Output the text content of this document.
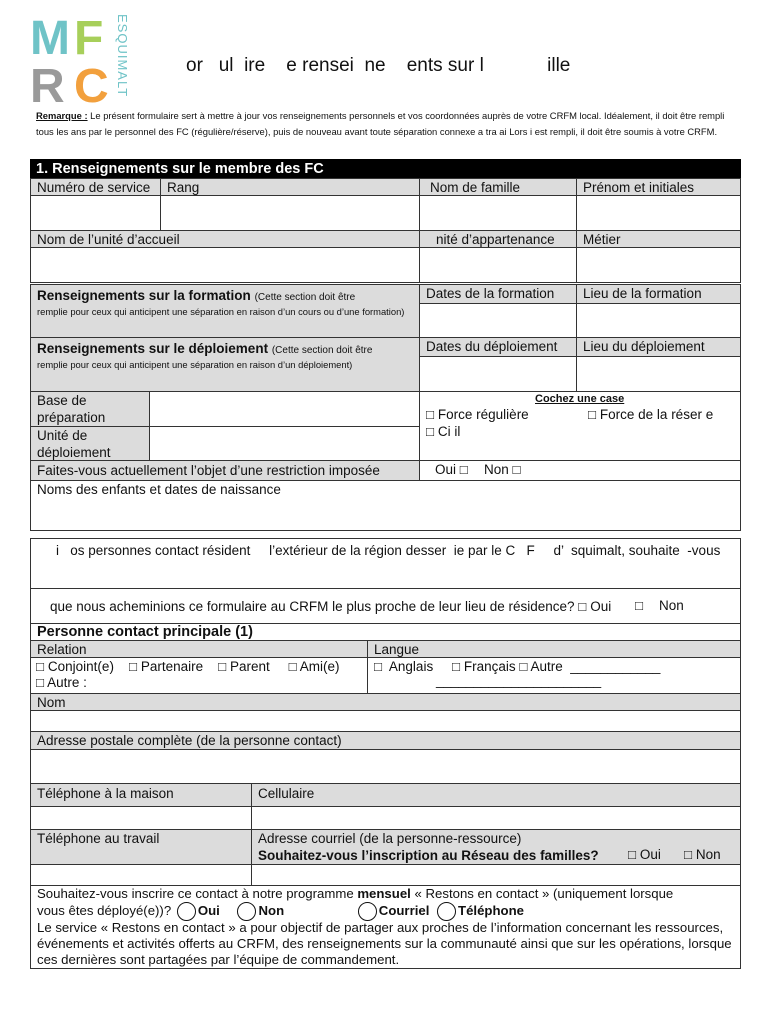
M F
R C ESQUIMALT	or   ul  ire    e rensei  ne    ents sur l            ille
Remarque : Le présent formulaire sert à mettre à jour vos renseignements personnels et vos coordonnées auprès de votre CRFM local. Idéalement, il doit être rempli tous les ans par le personnel des FC (régulière/réserve), puis de nouveau avant toute séparation connexe a tra ai Lors i est rempli, il doit être soumis à votre CRFM.
1. Renseignements sur le membre des FC
Numéro de service	Rang	Nom de famille	Prénom et initiales
Nom de l’unité d’accueil	nité d’appartenance	Métier
Renseignements sur la formation (Cette section doit être
remplie pour ceux qui anticipent une séparation en raison d’un cours ou d’une formation)
Dates de la formation	Lieu de la formation
Renseignements sur le déploiement (Cette section doit être
remplie pour ceux qui anticipent une séparation en raison d’un déploiement)
Dates du déploiement	Lieu du déploiement
Base de préparation
Unité de déploiement
Cochez une case
□ Force régulière	□ Force de la réser e
□ Ci il
Faites-vous actuellement l’objet d’une restriction imposée	Oui □ Non □
Noms des enfants et dates de naissance
i   os personnes contact résident     l’extérieur de la région desser  ie par le C   F     d’  squimalt, souhaite  -vous
que nous acheminions ce formulaire au CRFM le plus proche de leur lieu de résidence? □ Oui □ Non
Personne contact principale (1)
Relation	Langue
□ Conjoint(e)    □ Partenaire    □ Parent     □ Ami(e)
□ Autre :
□  Anglais     □ Français □ Autre  ____________
______________________
Nom
Adresse postale complète (de la personne contact)
Téléphone à la maison	Cellulaire
Téléphone au travail	Adresse courriel (de la personne-ressource)
Souhaitez-vous l’inscription au Réseau des familles? □ Oui □ Non
Souhaitez-vous inscrire ce contact à notre programme mensuel « Restons en contact » (uniquement lorsque
vous êtes déployé(e))? Oui	Non	Courriel Téléphone
Le service « Restons en contact » a pour objectif de partager aux proches de l’information concernant les ressources, événements et activités offerts au CRFM, des renseignements sur la communauté ainsi que sur les opérations, lorsque ces dernières sont partagées par l’équipe de commandement.
